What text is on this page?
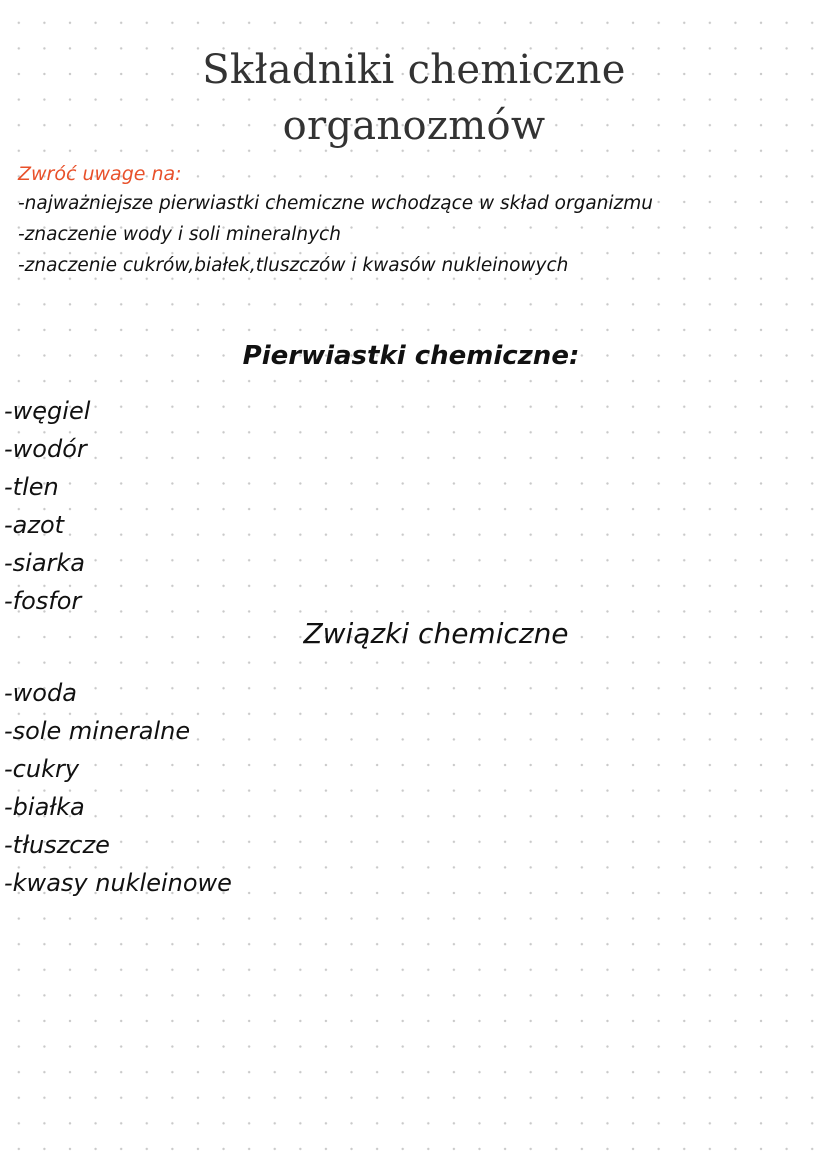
Składniki chemiczne
organozmów
Zwróć uwage na:
-najważniejsze pierwiastki chemiczne wchodzące w skład organizmu
-znaczenie wody i soli mineralnych
-znaczenie cukrów,białek,tluszczów i kwasów nukleinowych
Pierwiastki chemiczne:
-węgiel
-wodór
-tlen
-azot
-siarka
-fosfor
Związki chemiczne
-woda
-sole mineralne
-cukry
-białka
-tłuszcze
-kwasy nukleinowe
